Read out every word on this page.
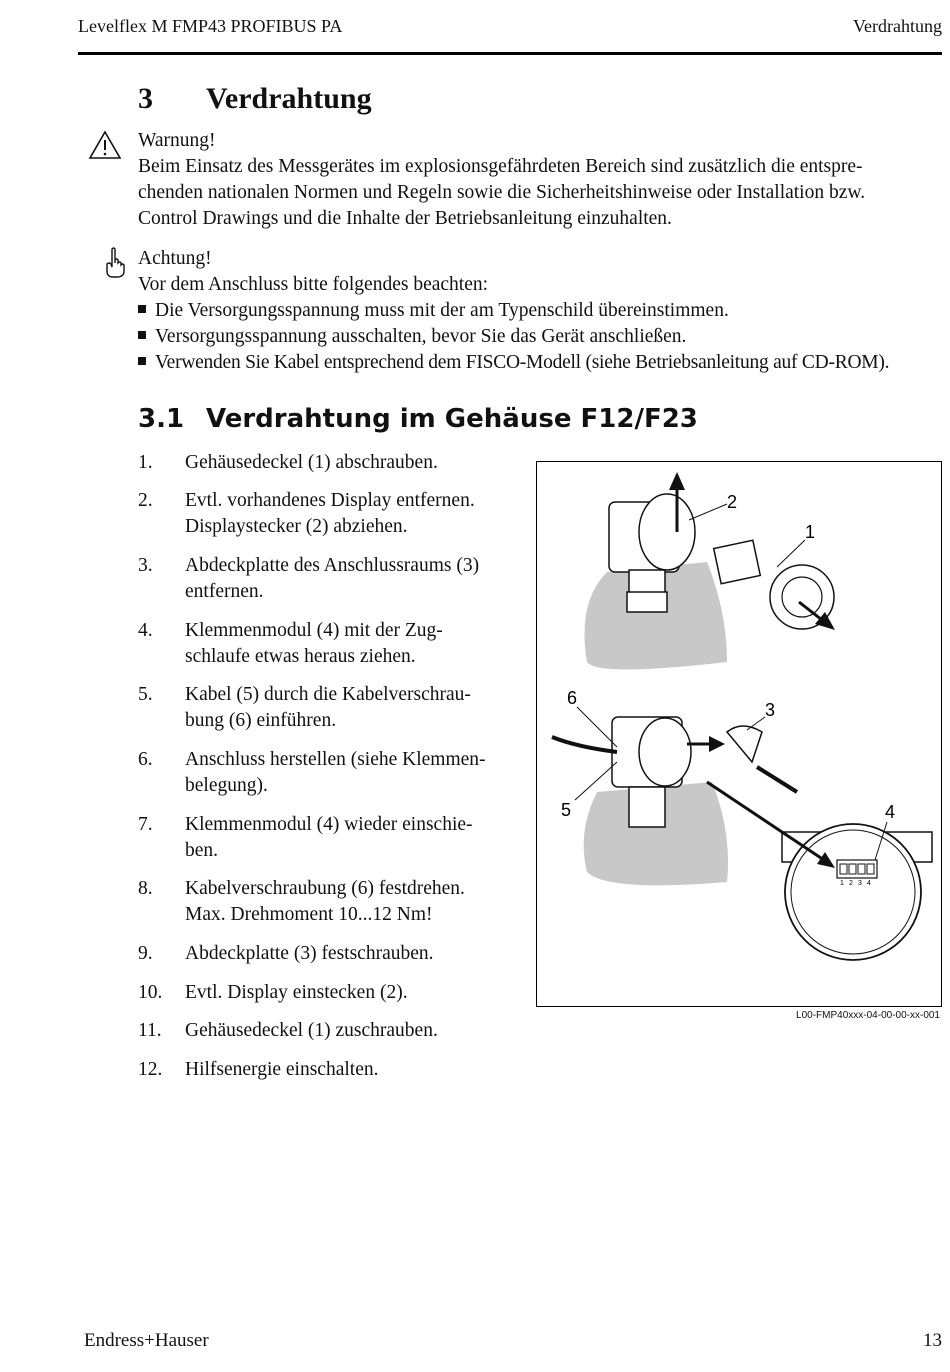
Levelflex M FMP43 PROFIBUS PA	Verdrahtung
3 Verdrahtung
Warnung!
Beim Einsatz des Messgerätes im explosionsgefährdeten Bereich sind zusätzlich die entspre-
chenden nationalen Normen und Regeln sowie die Sicherheitshinweise oder Installation bzw.
Control Drawings und die Inhalte der Betriebsanleitung einzuhalten.
Achtung!
Vor dem Anschluss bitte folgendes beachten:
Die Versorgungsspannung muss mit der am Typenschild übereinstimmen.
Versorgungsspannung ausschalten, bevor Sie das Gerät anschließen.
Verwenden Sie Kabel entsprechend dem FISCO-Modell (siehe Betriebsanleitung auf CD-ROM).
3.1 Verdrahtung im Gehäuse F12/F23
1. Gehäusedeckel (1) abschrauben.
2. Evtl. vorhandenes Display entfernen.
Displaystecker (2) abziehen.
3. Abdeckplatte des Anschlussraums (3)
entfernen.
4. Klemmenmodul (4) mit der Zug-
schlaufe etwas heraus ziehen.
5. Kabel (5) durch die Kabelverschrau-
bung (6) einführen.
6. Anschluss herstellen (siehe Klemmen-
belegung).
7. Klemmenmodul (4) wieder einschie-
ben.
8. Kabelverschraubung (6) festdrehen.
Max. Drehmoment 10...12 Nm!
9. Abdeckplatte (3) festschrauben.
10. Evtl. Display einstecken (2).
11. Gehäusedeckel (1) zuschrauben.
12. Hilfsenergie einschalten.
2
1
6
3
5
1 2 3 4
4
L00-FMP40xxx-04-00-00-xx-001
Endress+Hauser	13
